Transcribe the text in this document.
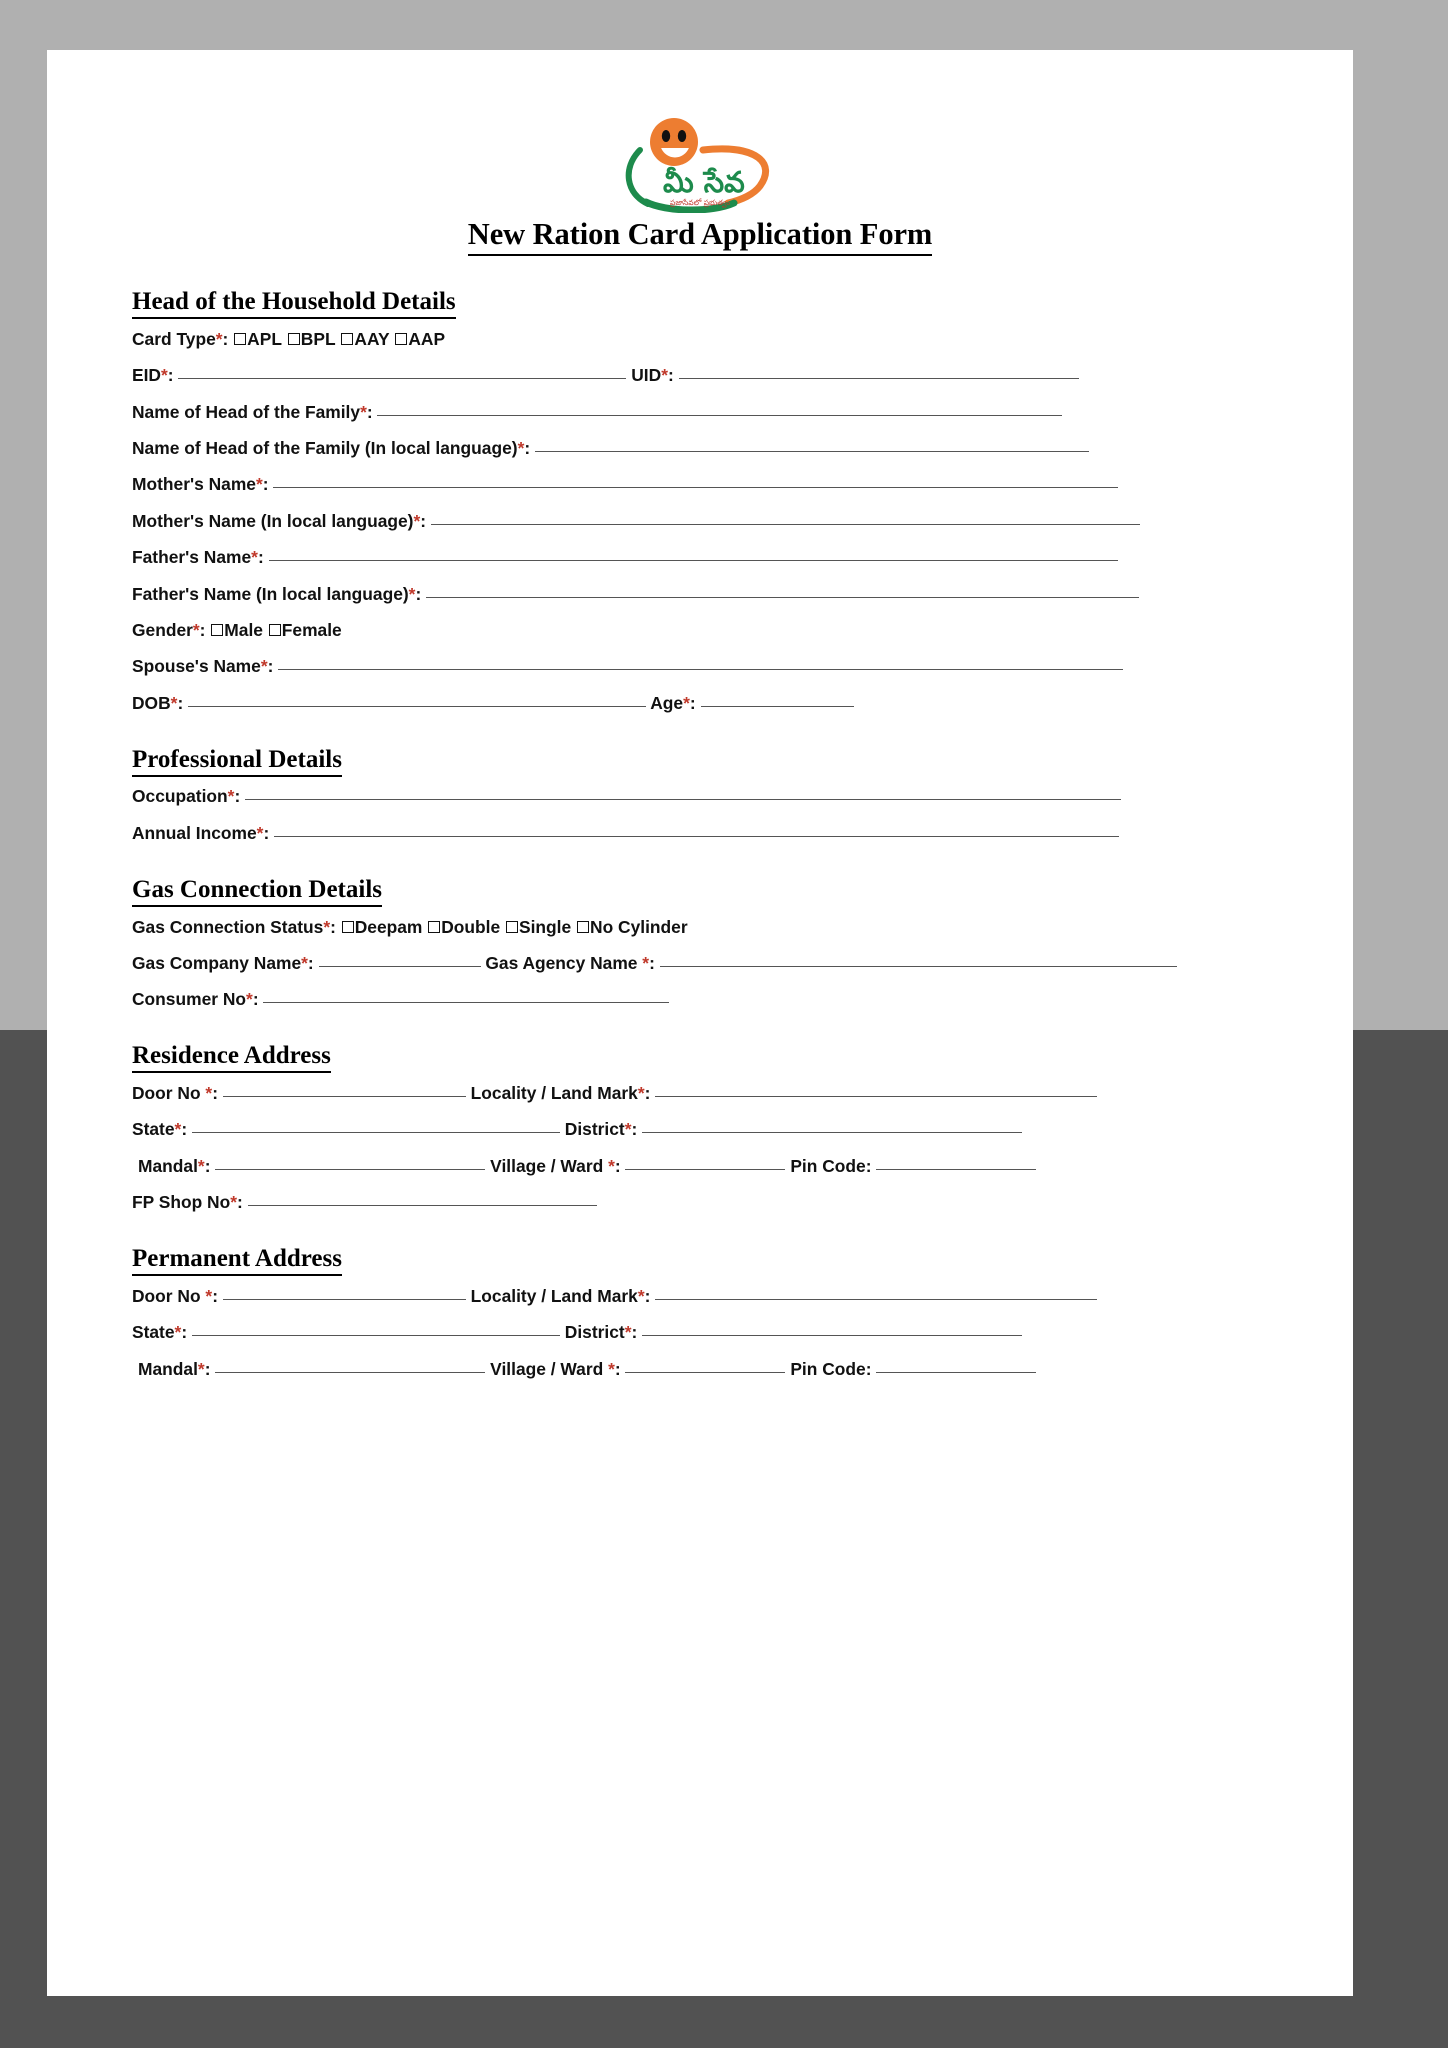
మీ సేవ
ప్రజాసేవలో ప్రభుత్వం
New Ration Card Application Form
Head of the Household Details
Card Type*: APL BPL AAY AAP
EID*:	UID*:
Name of Head of the Family*:
Name of Head of the Family (In local language)*:
Mother's Name*:
Mother's Name (In local language)*:
Father's Name*:
Father's Name (In local language)*:
Gender*: Male Female
Spouse's Name*:
DOB*:	Age*:
Professional Details
Occupation*:
Annual Income*:
Gas Connection Details
Gas Connection Status*: Deepam Double Single No Cylinder
Gas Company Name*:	Gas Agency Name *:
Consumer No*:
Residence Address
Door No *:	Locality / Land Mark*:
State*:	District*:
Mandal*:	Village / Ward *:	Pin Code:
FP Shop No*:
Permanent Address
Door No *:	Locality / Land Mark*:
State*:	District*:
Mandal*:	Village / Ward *:	Pin Code:
